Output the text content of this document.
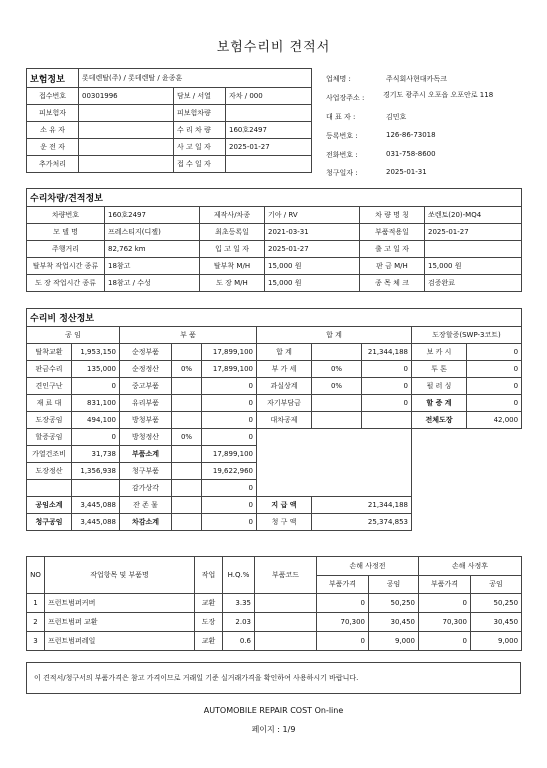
보험수리비 견적서
보험정보	롯데렌탈(주) / 롯데렌탈 / 윤종훈		
접수번호	00301996	담보 / 서열	자차 / 000
피보험자		피보험차량	
소 유 자		수 리 차 량	160호2497
운 전 자		사 고 일 자	2025-01-27
추가처리		접 수 일 자	
업체명 :	주식회사현대카독크
사업장주소 :	경기도 광주시 오포읍 오포안로 118
대 표 자 :	김민호
등록번호 :	126-86-73018
전화번호 :	031-758-8600
청구일자 :	2025-01-31
수리차량/견적정보					
차량번호	160호2497	제작사/차종	기아 / RV	차 량 명 칭	쏘렌토(20)-MQ4
모 델 명	프레스티지(디젤)	최초등록일	2021-03-31	부품적용일	2025-01-27
주행거리	82,762 km	입 고 일 자	2025-01-27	출 고 일 자	
탈부착 작업시간 종류	18참고	탈부착 M/H	15,000 원	판 금 M/H	15,000 원
도 장 작업시간 종류	18참고 / 수성	도 장 M/H	15,000 원	종 목 체 크	검증완료
수리비 정산정보									
공 임		부 품			합 계			도장할증(SWP-3코트)	
탈착교환	1,953,150	순정부품		17,899,100	합 계		21,344,188	보 카 시	0
판금수리	135,000	순정정산	0%	17,899,100	부 가 세	0%	0	투 톤	0
견인구난	0	중고부품		0	과실상계	0%	0	펄 러 싱	0
재 료 대	831,100	유리부품		0	자기부담금		0	할 증 계	0
도장공임	494,100	방청부품		0	대차공제			전체도장	42,000
할증공임	0	방청정산	0%	0					
가열건조비	31,738	부품소계		17,899,100					
도장정산	1,356,938	청구부품		19,622,960					
		감가상각		0					
공임소계	3,445,088	잔 존 물		0	지 급 액	21,344,188			
청구공임	3,445,088	차감소계		0	청 구 액	25,374,853			
NO	작업항목 및 부품명	작업	H.Q.%	부품코드	손해 사정전		손해 사정후	
					부품가격	공임	부품가격	공임
1	프런트범퍼커버	교환	3.35		0	50,250	0	50,250
2	프런트범퍼 교환	도장	2.03		70,300	30,450	70,300	30,450
3	프런트범퍼레일	교환	0.6		0	9,000	0	9,000
이 견적서/청구서의 부품가격은 참고 가격이므로 거래일 기준 실거래가격을 확인하여 사용하시기 바랍니다.
AUTOMOBILE REPAIR COST On-line
페이지 : 1/9
